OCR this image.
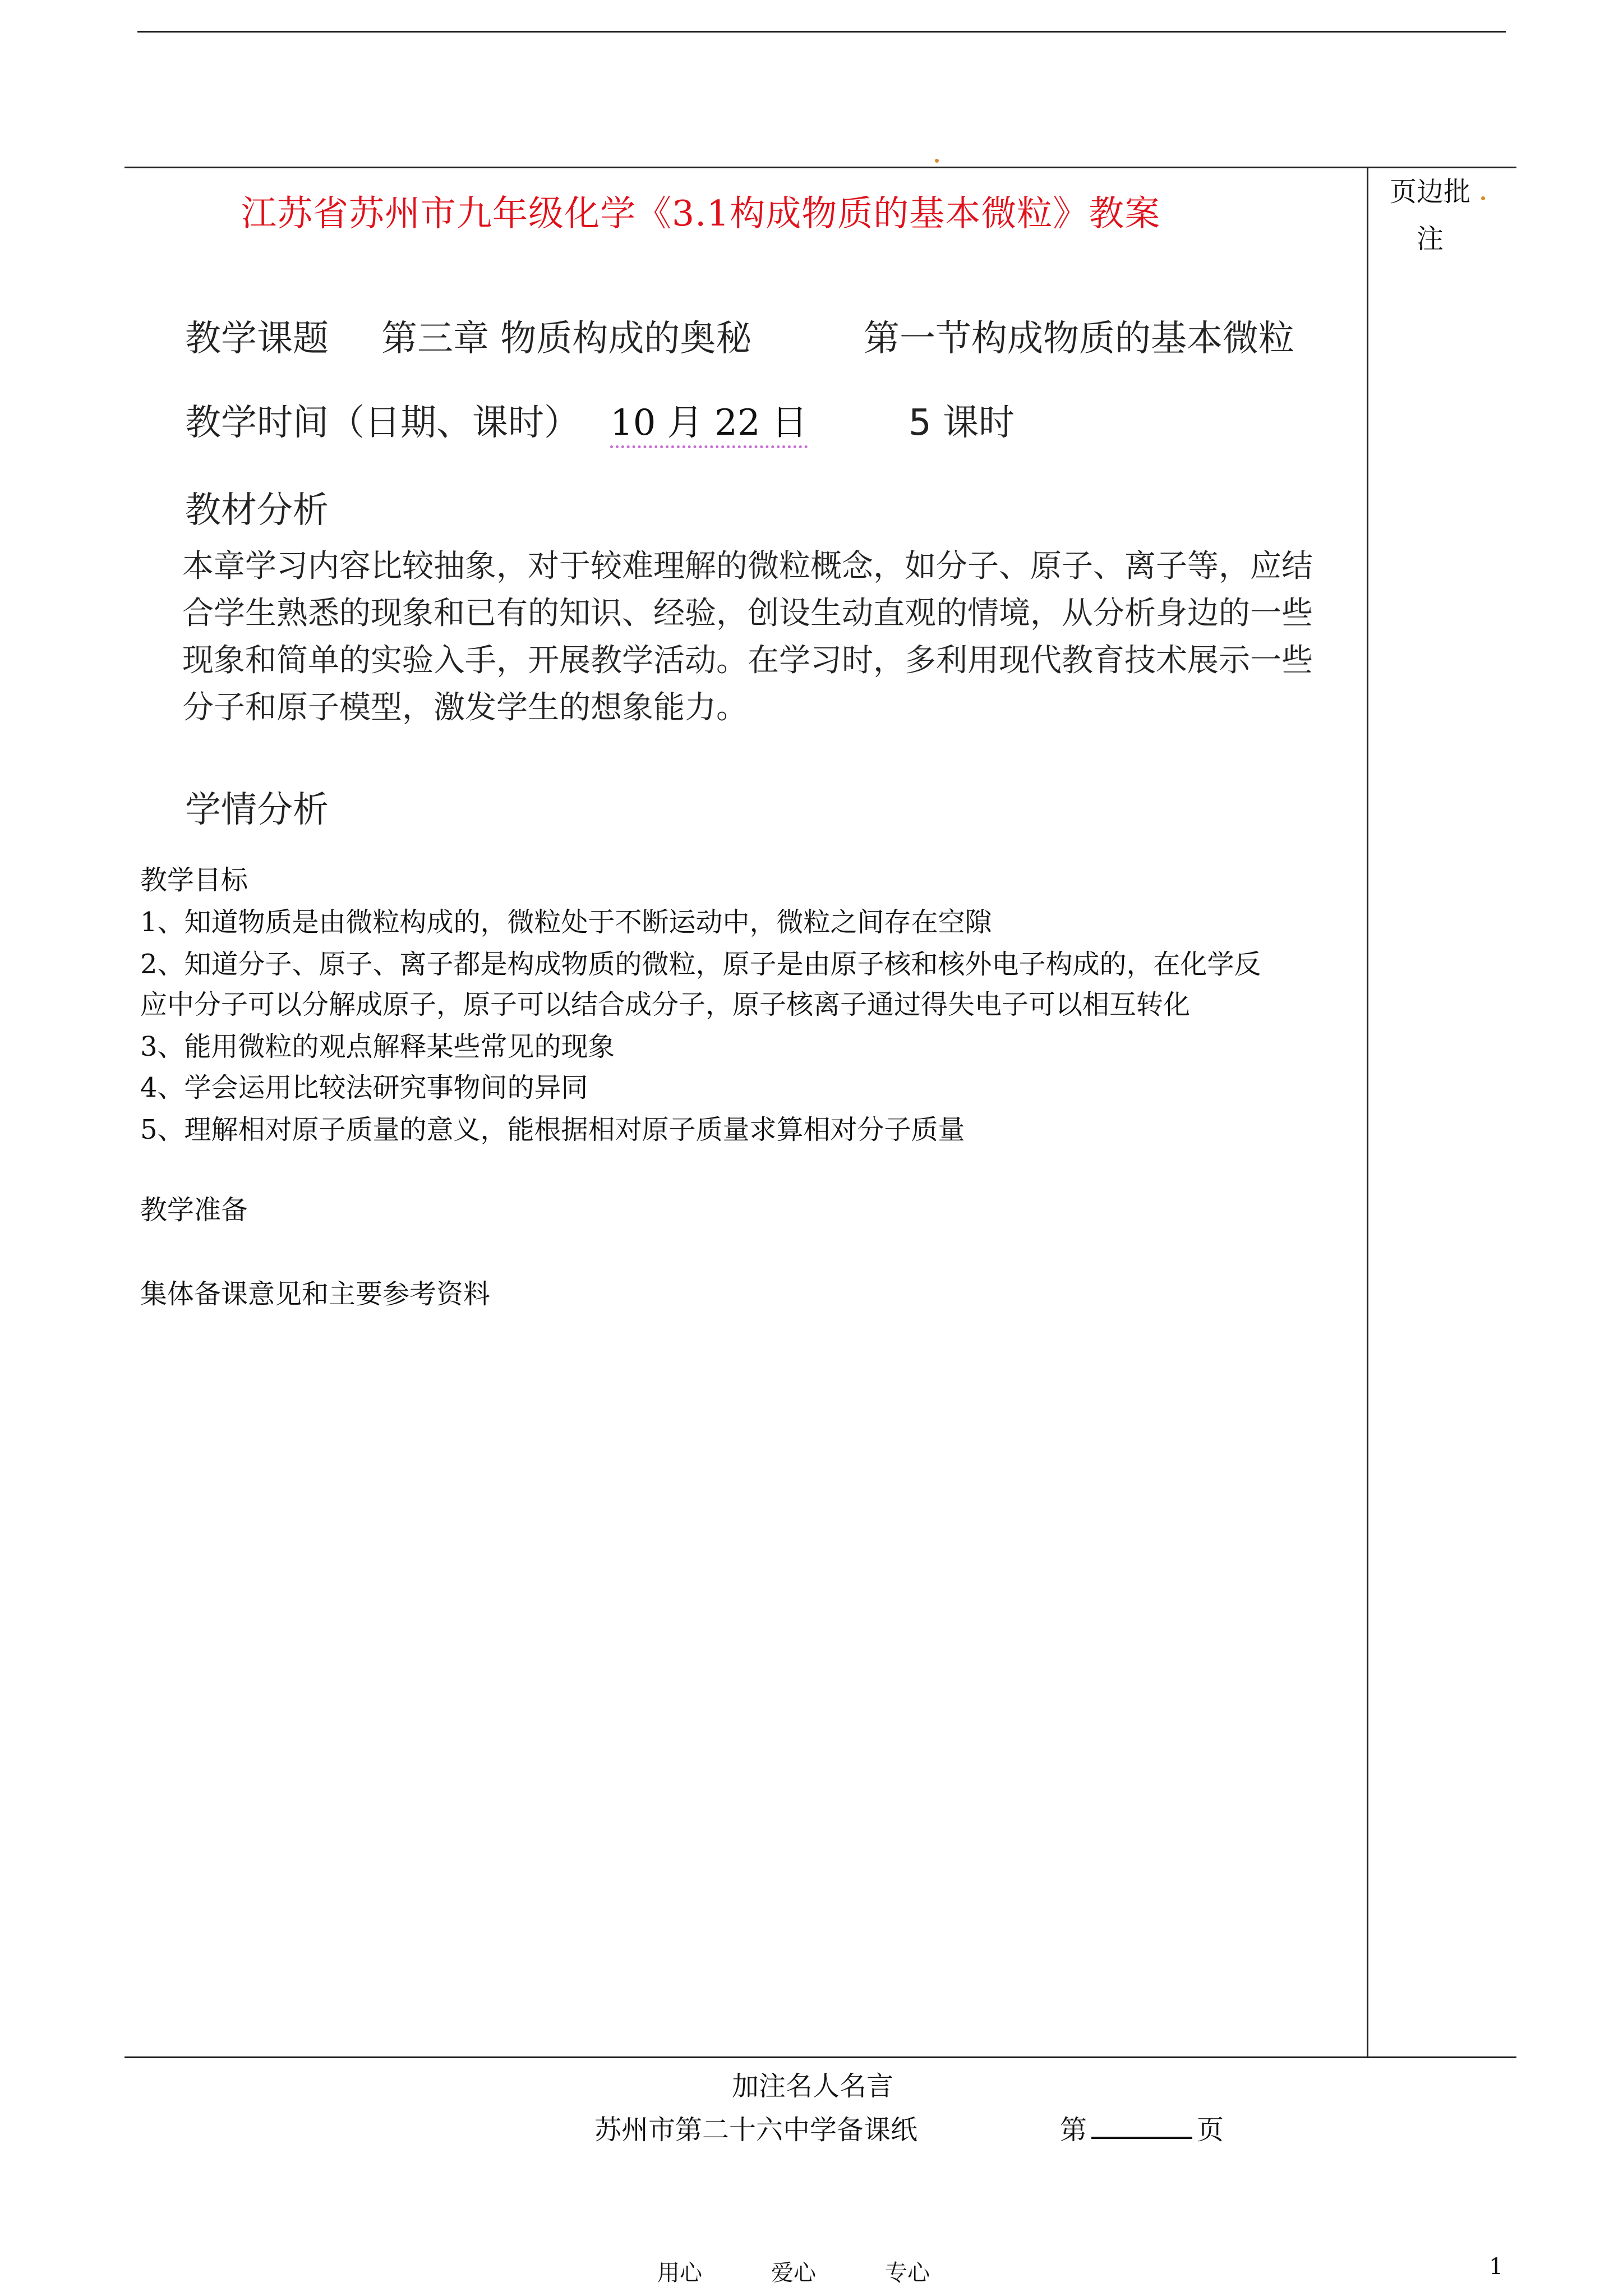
江苏省苏州市九年级化学《3.1构成物质的基本微粒》教案
页边批注
教学课题 第三章 物质构成的奥秘	第一节构成物质的基本微粒
教学时间（日期、课时） 10 月 22 日	5 课时
教材分析
本章学习内容比较抽象，对于较难理解的微粒概念，如分子、原子、离子等，应结合学生熟悉的现象和已有的知识、经验，创设生动直观的情境，从分析身边的一些现象和简单的实验入手，开展教学活动。在学习时，多利用现代教育技术展示一些分子和原子模型，激发学生的想象能力。
学情分析
教学目标
1、知道物质是由微粒构成的，微粒处于不断运动中，微粒之间存在空隙
2、知道分子、原子、离子都是构成物质的微粒，原子是由原子核和核外电子构成的，在化学反
应中分子可以分解成原子，原子可以结合成分子，原子核离子通过得失电子可以相互转化
3、能用微粒的观点解释某些常见的现象
4、学会运用比较法研究事物间的异同
5、理解相对原子质量的意义，能根据相对原子质量求算相对分子质量
教学准备
集体备课意见和主要参考资料
加注名人名言
苏州市第二十六中学备课纸	第	页
用心	爱心	专心	1
